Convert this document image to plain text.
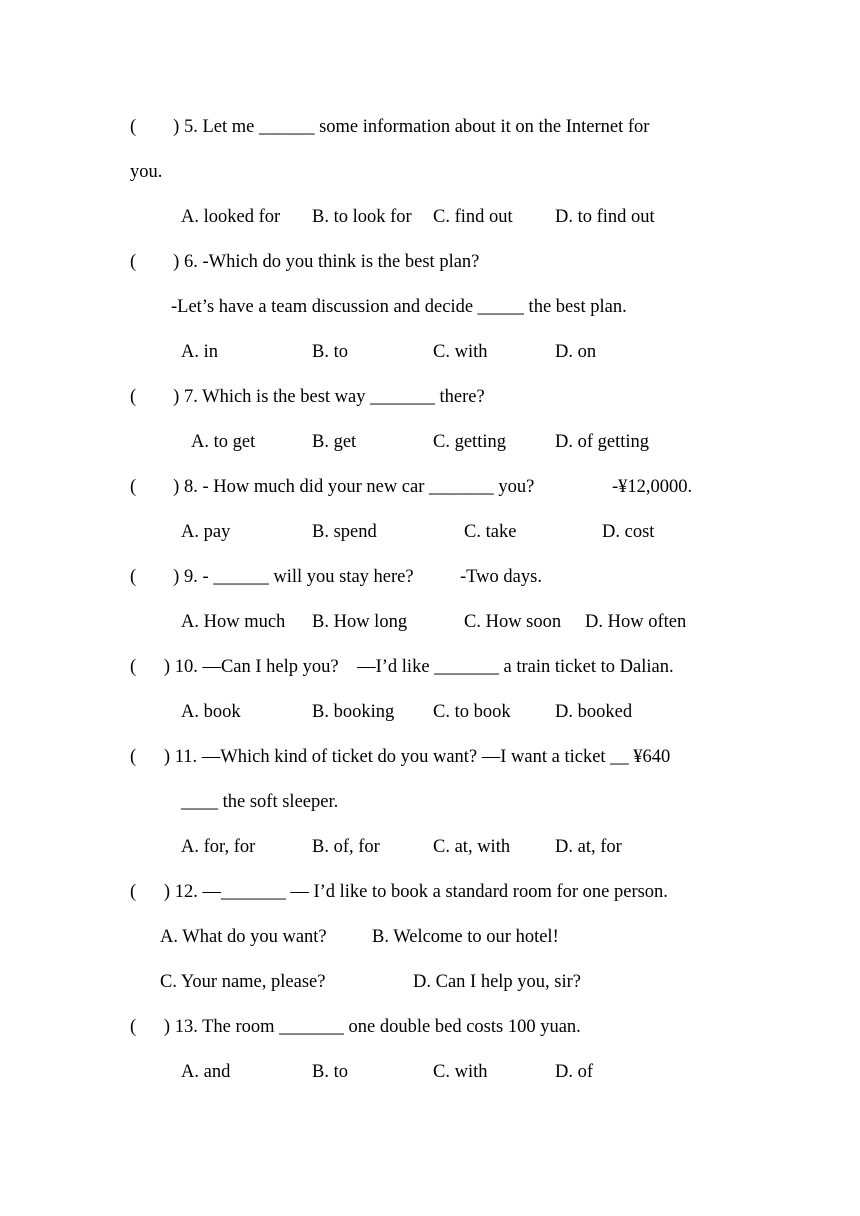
(        ) 5. Let me ______ some information about it on the Internet for
you.
A. looked for B. to look for C. find out D. to find out
(        ) 6. -Which do you think is the best plan?
-Let’s have a team discussion and decide _____ the best plan.
A. in	B. to	C. with	D. on
(        ) 7. Which is the best way _______ there?
A. to get	B. get	C. getting	D. of getting
(        ) 8. - How much did your new car _______ you?	-¥12,0000.
A. pay	B. spend	C. take	D. cost
(        ) 9. - ______ will you stay here?	-Two days.
A. How much B. How long	C. How soon D. How often
(      ) 10. —Can I help you?    —I’d like _______ a train ticket to Dalian.
A. book	B. booking C. to book D. booked
(      ) 11. —Which kind of ticket do you want? —I want a ticket __ ¥640
____ the soft sleeper.
A. for, for	B. of, for	C. at, with D. at, for
(      ) 12. —_______ — I’d like to book a standard room for one person.
A. What do you want? B. Welcome to our hotel!
C. Your name, please?	D. Can I help you, sir?
(      ) 13. The room _______ one double bed costs 100 yuan.
A. and	B. to	C. with	D. of
